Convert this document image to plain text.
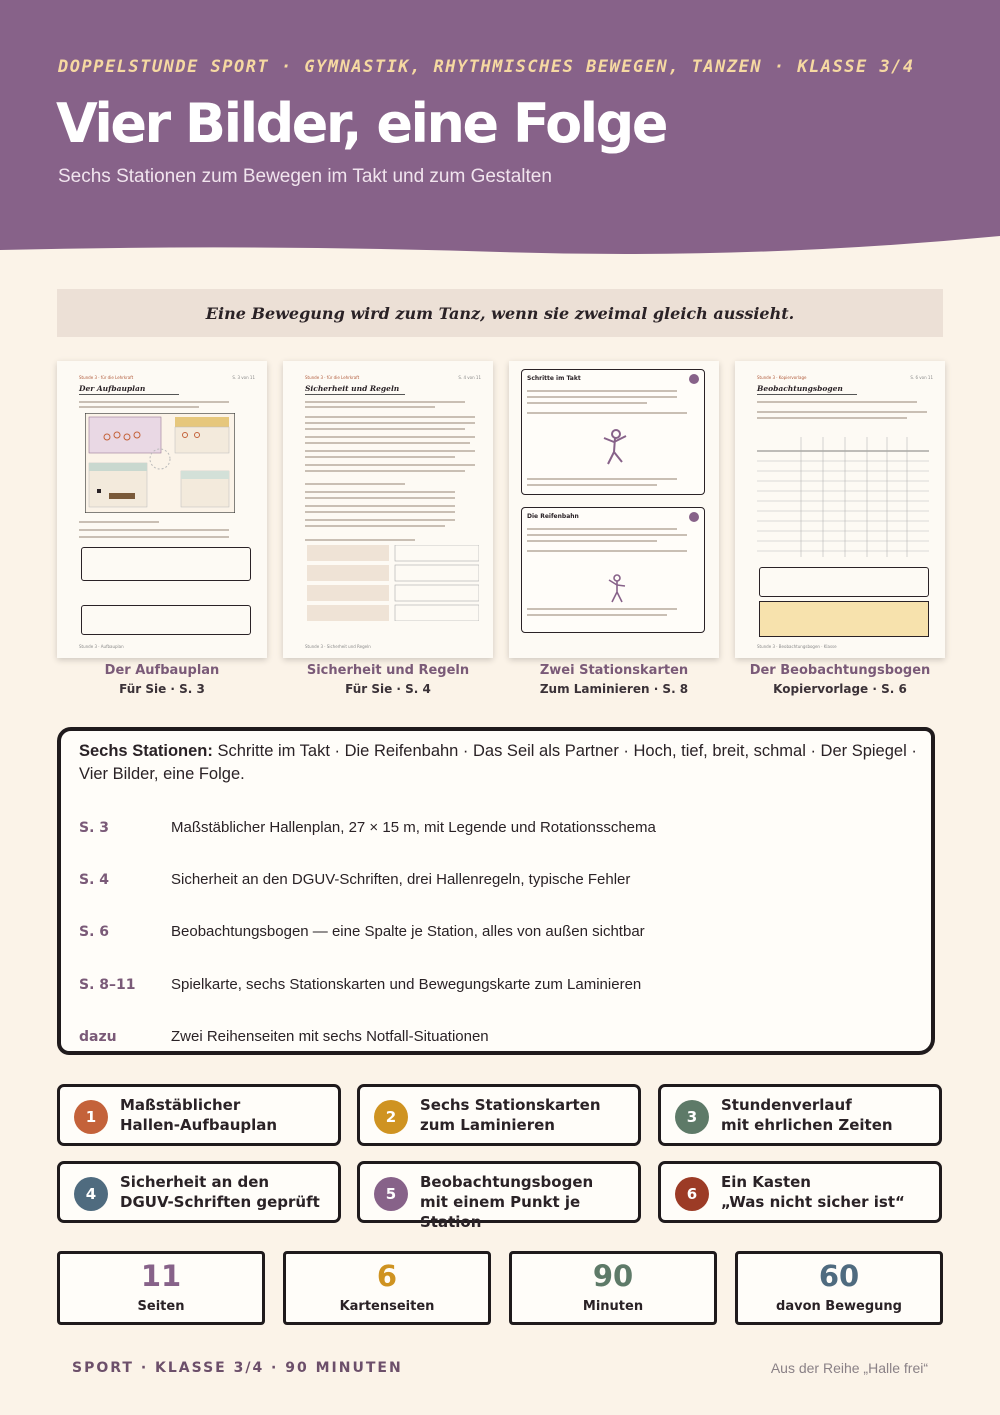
DOPPELSTUNDE SPORT · GYMNASTIK, RHYTHMISCHES BEWEGEN, TANZEN · KLASSE 3/4
Vier Bilder, eine Folge
Sechs Stationen zum Bewegen im Takt und zum Gestalten
Eine Bewegung wird zum Tanz, wenn sie zweimal gleich aussieht.
Stunde 3 · für die Lehrkraft	S. 3 von 11
Der Aufbauplan
Stunde 3 · Aufbauplan
Stunde 3 · für die Lehrkraft	S. 4 von 11
Sicherheit und Regeln
Stunde 3 · Sicherheit und Regeln
Schritte im Takt
Die Reifenbahn
Stunde 3 · Kopiervorlage	S. 6 von 11
Beobachtungsbogen
Stunde 3 · Beobachtungsbogen · Klasse
Der Aufbauplan
Für Sie · S. 3
Sicherheit und Regeln
Für Sie · S. 4
Zwei Stationskarten
Zum Laminieren · S. 8
Der Beobachtungsbogen
Kopiervorlage · S. 6
Sechs Stationen: Schritte im Takt · Die Reifenbahn · Das Seil als Partner · Hoch, tief, breit, schmal · Der Spiegel · Vier Bilder, eine Folge.
S. 3	Maßstäblicher Hallenplan, 27 × 15 m, mit Legende und Rotationsschema
S. 4	Sicherheit an den DGUV-Schriften, drei Hallenregeln, typische Fehler
S. 6	Beobachtungsbogen — eine Spalte je Station, alles von außen sichtbar
S. 8–11 Spielkarte, sechs Stationskarten und Bewegungskarte zum Laminieren
dazu	Zwei Reihenseiten mit sechs Notfall-Situationen
1
Maßstäblicher
Hallen-Aufbauplan	2
Sechs Stationskarten
zum Laminieren	3
Stundenverlauf
mit ehrlichen Zeiten
4
Sicherheit an den
DGUV-Schriften geprüft	5
Beobachtungsbogen
mit einem Punkt je Station
6
Ein Kasten
„Was nicht sicher ist“
11
Seiten
6
Kartenseiten
90
Minuten
60
davon Bewegung
SPORT · KLASSE 3/4 · 90 MINUTEN	Aus der Reihe „Halle frei“
